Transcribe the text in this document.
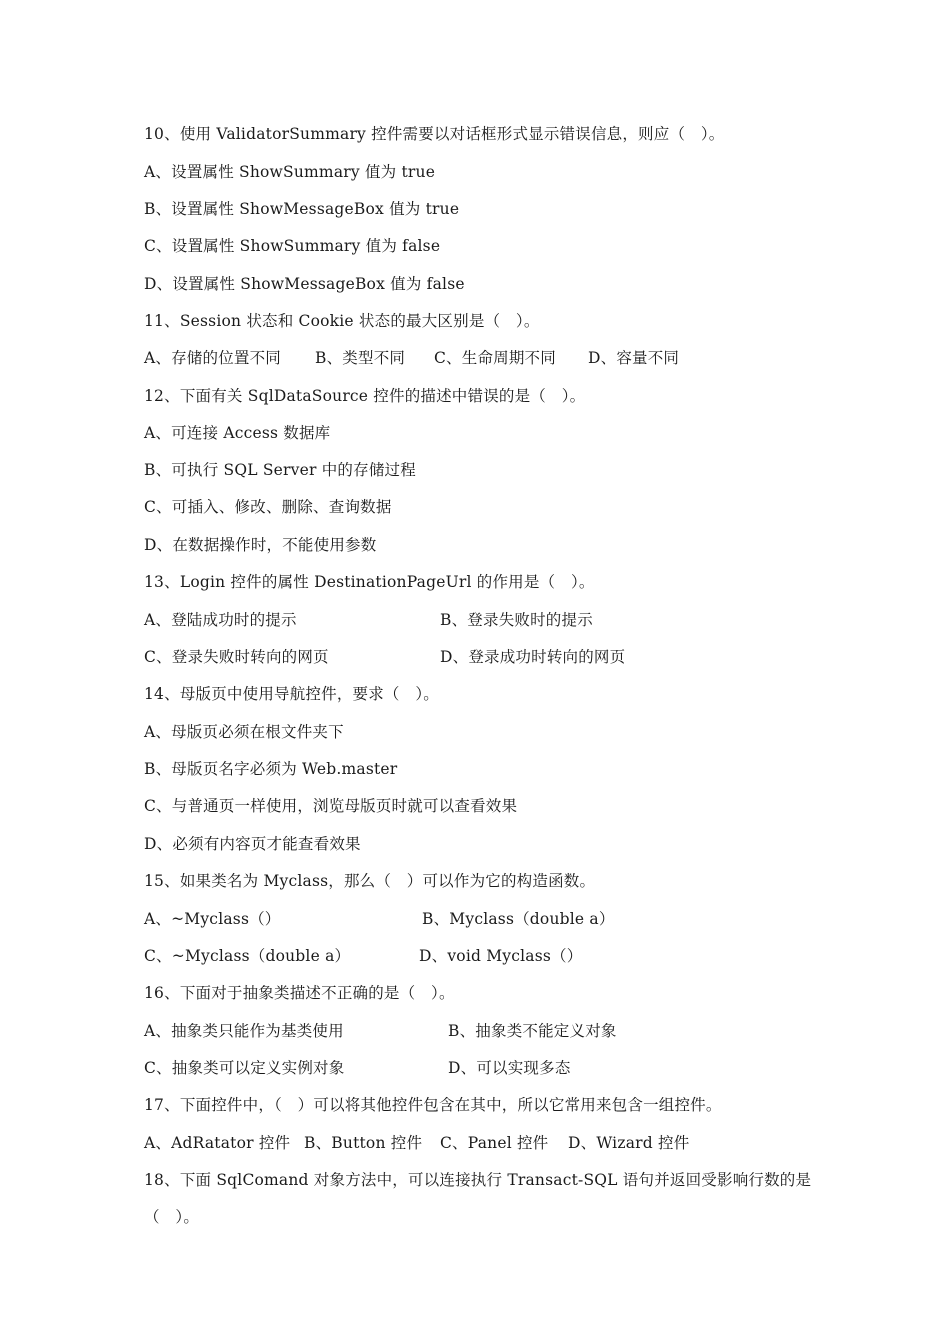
10、使用 ValidatorSummary 控件需要以对话框形式显示错误信息，则应（　）。
A、设置属性 ShowSummary 值为 true
B、设置属性 ShowMessageBox 值为 true
C、设置属性 ShowSummary 值为 false
D、设置属性 ShowMessageBox 值为 false
11、Session 状态和 Cookie 状态的最大区别是（　）。
A、存储的位置不同 B、类型不同 C、生命周期不同 D、容量不同
12、下面有关 SqlDataSource 控件的描述中错误的是（　）。
A、可连接 Access 数据库
B、可执行 SQL Server 中的存储过程
C、可插入、修改、删除、查询数据
D、在数据操作时，不能使用参数
13、Login 控件的属性 DestinationPageUrl 的作用是（　）。
A、登陆成功时的提示	B、登录失败时的提示
C、登录失败时转向的网页	D、登录成功时转向的网页
14、母版页中使用导航控件，要求（　）。
A、母版页必须在根文件夹下
B、母版页名字必须为 Web.master
C、与普通页一样使用，浏览母版页时就可以查看效果
D、必须有内容页才能查看效果
15、如果类名为 Myclass，那么（　）可以作为它的构造函数。
A、~Myclass（）	B、Myclass（double a）
C、~Myclass（double a）	D、void Myclass（）
16、下面对于抽象类描述不正确的是（　）。
A、抽象类只能作为基类使用	B、抽象类不能定义对象
C、抽象类可以定义实例对象	D、可以实现多态
17、下面控件中，（　）可以将其他控件包含在其中，所以它常用来包含一组控件。
A、AdRatator 控件 B、Button 控件 C、Panel 控件 D、Wizard 控件
18、下面 SqlComand 对象方法中，可以连接执行 Transact-SQL 语句并返回受影响行数的是
（　）。
